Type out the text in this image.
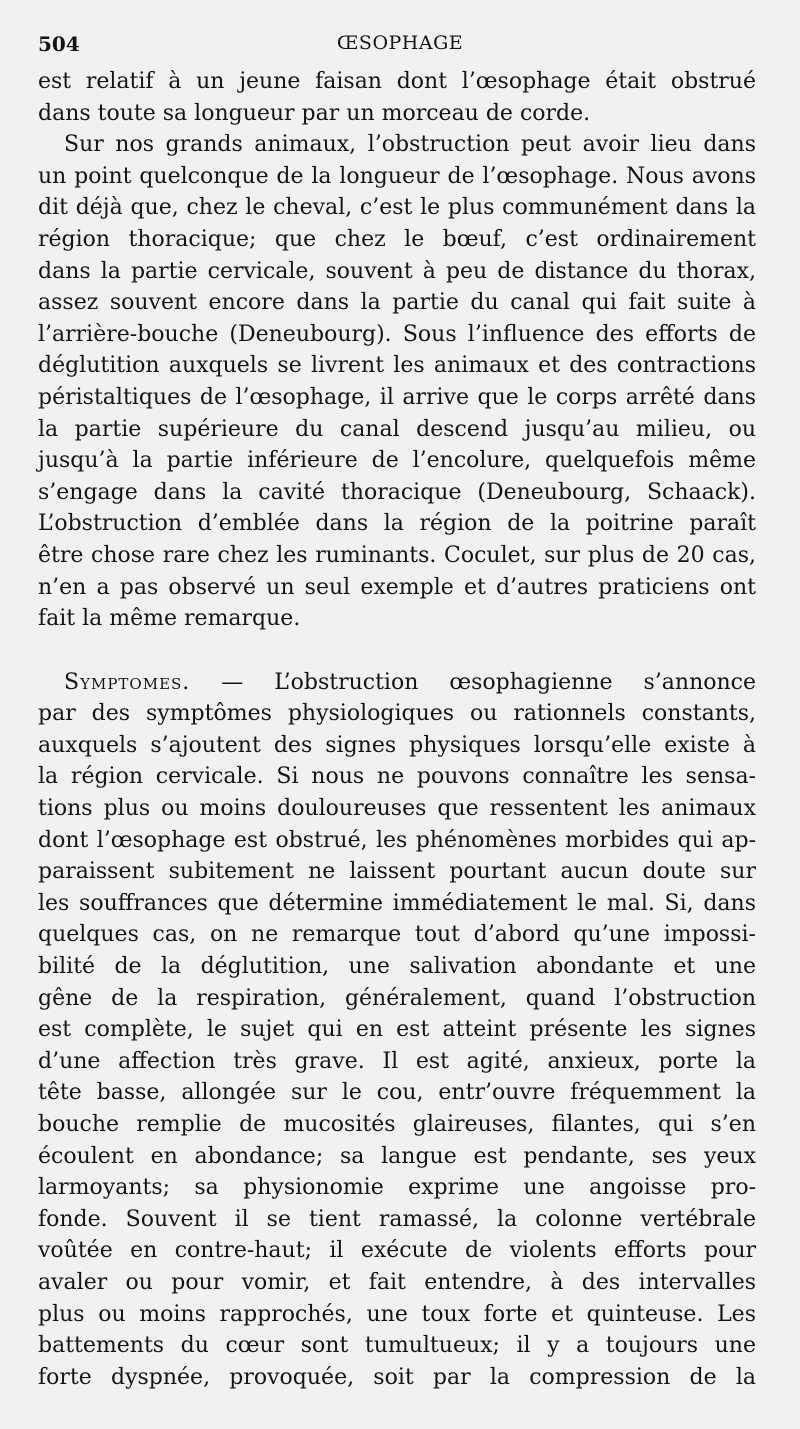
504	ŒSOPHAGE
est relatif à un jeune faisan dont l’œsophage était obstrué
dans toute sa longueur par un morceau de corde.
Sur nos grands animaux, l’obstruction peut avoir lieu dans
un point quelconque de la longueur de l’œsophage. Nous avons
dit déjà que, chez le cheval, c’est le plus communément dans la
région thoracique; que chez le bœuf, c’est ordinairement
dans la partie cervicale, souvent à peu de distance du thorax,
assez souvent encore dans la partie du canal qui fait suite à
l’arrière-bouche (Deneubourg). Sous l’influence des efforts de
déglutition auxquels se livrent les animaux et des contractions
péristaltiques de l’œsophage, il arrive que le corps arrêté dans
la partie supérieure du canal descend jusqu’au milieu, ou
jusqu’à la partie inférieure de l’encolure, quelquefois même
s’engage dans la cavité thoracique (Deneubourg, Schaack).
L’obstruction d’emblée dans la région de la poitrine paraît
être chose rare chez les ruminants. Coculet, sur plus de 20 cas,
n’en a pas observé un seul exemple et d’autres praticiens ont
fait la même remarque.
Symptomes. — L’obstruction œsophagienne s’annonce
par des symptômes physiologiques ou rationnels constants,
auxquels s’ajoutent des signes physiques lorsqu’elle existe à
la région cervicale. Si nous ne pouvons connaître les sensa-
tions plus ou moins douloureuses que ressentent les animaux
dont l’œsophage est obstrué, les phénomènes morbides qui ap-
paraissent subitement ne laissent pourtant aucun doute sur
les souffrances que détermine immédiatement le mal. Si, dans
quelques cas, on ne remarque tout d’abord qu’une impossi-
bilité de la déglutition, une salivation abondante et une
gêne de la respiration, généralement, quand l’obstruction
est complète, le sujet qui en est atteint présente les signes
d’une affection très grave. Il est agité, anxieux, porte la
tête basse, allongée sur le cou, entr’ouvre fréquemment la
bouche remplie de mucosités glaireuses, filantes, qui s’en
écoulent en abondance; sa langue est pendante, ses yeux
larmoyants; sa physionomie exprime une angoisse pro-
fonde. Souvent il se tient ramassé, la colonne vertébrale
voûtée en contre-haut; il exécute de violents efforts pour
avaler ou pour vomir, et fait entendre, à des intervalles
plus ou moins rapprochés, une toux forte et quinteuse. Les
battements du cœur sont tumultueux; il y a toujours une
forte dyspnée, provoquée, soit par la compression de la
